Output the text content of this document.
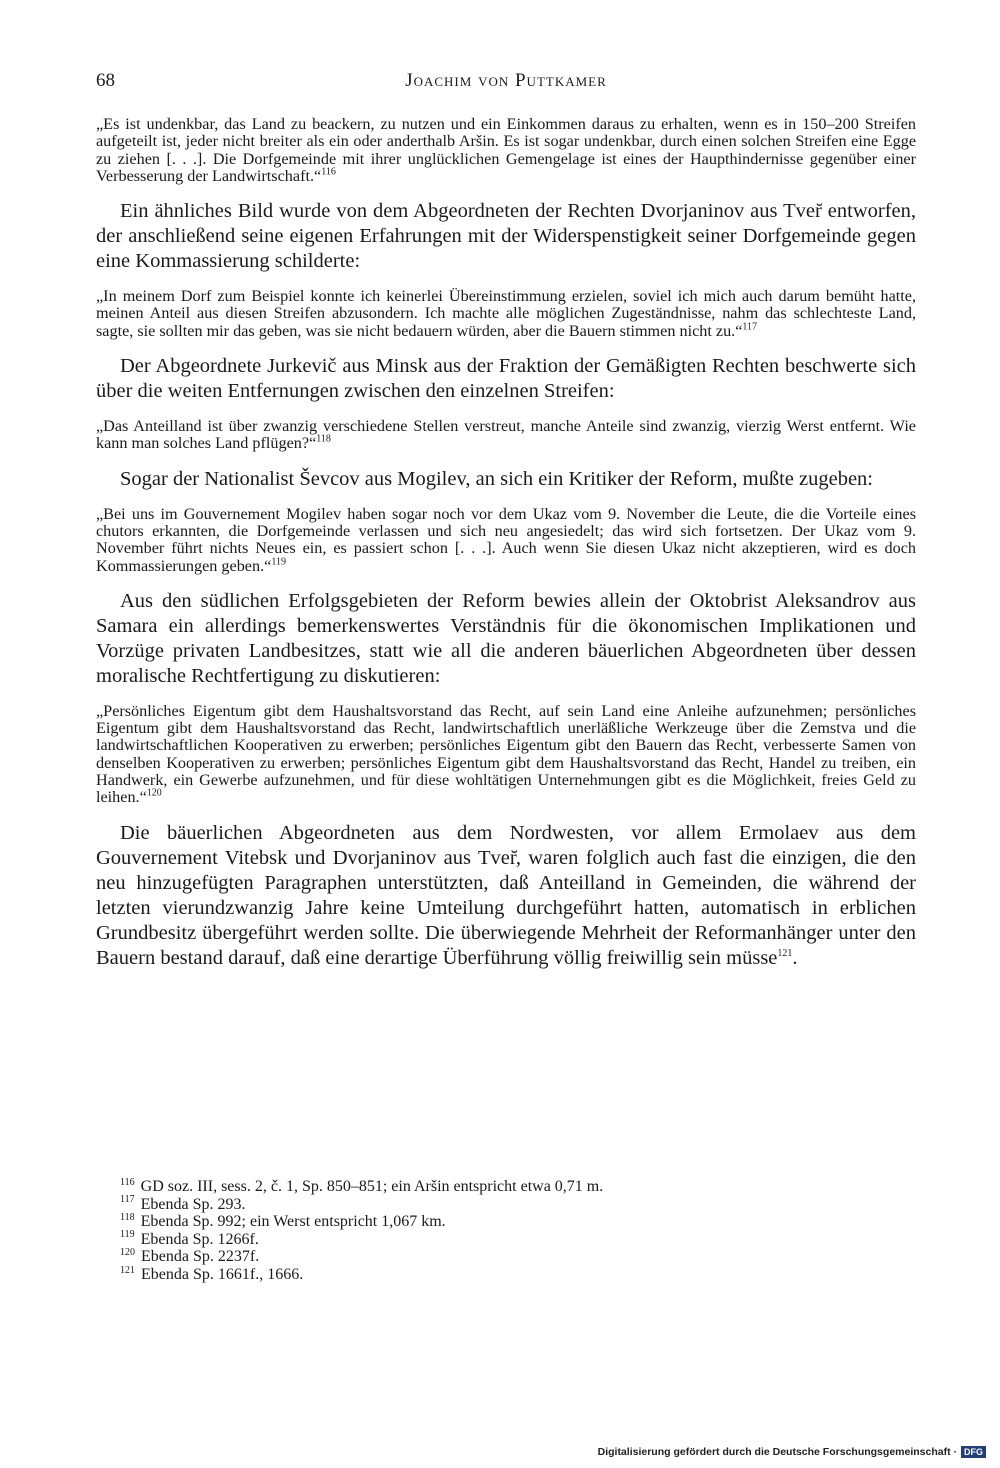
68	Joachim von Puttkamer

„Es ist undenkbar, das Land zu beackern, zu nutzen und ein Einkommen daraus zu erhalten, wenn es in 150–200 Streifen aufgeteilt ist, jeder nicht breiter als ein oder anderthalb Aršin. Es ist sogar undenkbar, durch einen solchen Streifen eine Egge zu ziehen [. . .]. Die Dorfgemeinde mit ihrer unglücklichen Gemengelage ist eines der Haupthindernisse gegenüber einer Verbesserung der Landwirtschaft.“$^{116}$

Ein ähnliches Bild wurde von dem Abgeordneten der Rechten Dvorjaninov aus Tver̆ entworfen, der anschließend seine eigenen Erfahrungen mit der Widerspenstigkeit seiner Dorfgemeinde gegen eine Kommassierung schilderte:

„In meinem Dorf zum Beispiel konnte ich keinerlei Übereinstimmung erzielen, soviel ich mich auch darum bemüht hatte, meinen Anteil aus diesen Streifen abzusondern. Ich machte alle möglichen Zugeständnisse, nahm das schlechteste Land, sagte, sie sollten mir das geben, was sie nicht bedauern würden, aber die Bauern stimmen nicht zu.“$^{117}$

Der Abgeordnete Jurkevič aus Minsk aus der Fraktion der Gemäßigten Rechten beschwerte sich über die weiten Entfernungen zwischen den einzelnen Streifen:

„Das Anteilland ist über zwanzig verschiedene Stellen verstreut, manche Anteile sind zwanzig, vierzig Werst entfernt. Wie kann man solches Land pflügen?“$^{118}$

Sogar der Nationalist Ševcov aus Mogilev, an sich ein Kritiker der Reform, mußte zugeben:

„Bei uns im Gouvernement Mogilev haben sogar noch vor dem Ukaz vom 9. November die Leute, die die Vorteile eines chutors erkannten, die Dorfgemeinde verlassen und sich neu angesiedelt; das wird sich fortsetzen. Der Ukaz vom 9. November führt nichts Neues ein, es passiert schon [. . .]. Auch wenn Sie diesen Ukaz nicht akzeptieren, wird es doch Kommassierungen geben.“$^{119}$

Aus den südlichen Erfolgsgebieten der Reform bewies allein der Oktobrist Aleksandrov aus Samara ein allerdings bemerkenswertes Verständnis für die ökonomischen Implikationen und Vorzüge privaten Landbesitzes, statt wie all die anderen bäuerlichen Abgeordneten über dessen moralische Rechtfertigung zu diskutieren:

„Persönliches Eigentum gibt dem Haushaltsvorstand das Recht, auf sein Land eine Anleihe aufzunehmen; persönliches Eigentum gibt dem Haushaltsvorstand das Recht, landwirtschaftlich unerläßliche Werkzeuge über die Zemstva und die landwirtschaftlichen Kooperativen zu erwerben; persönliches Eigentum gibt den Bauern das Recht, verbesserte Samen von denselben Kooperativen zu erwerben; persönliches Eigentum gibt dem Haushaltsvorstand das Recht, Handel zu treiben, ein Handwerk, ein Gewerbe aufzunehmen, und für diese wohltätigen Unternehmungen gibt es die Möglichkeit, freies Geld zu leihen.“$^{120}$

Die bäuerlichen Abgeordneten aus dem Nordwesten, vor allem Ermolaev aus dem Gouvernement Vitebsk und Dvorjaninov aus Tver̆, waren folglich auch fast die einzigen, die den neu hinzugefügten Paragraphen unterstützten, daß Anteilland in Gemeinden, die während der letzten vierundzwanzig Jahre keine Umteilung durchgeführt hatten, automatisch in erblichen Grundbesitz übergeführt werden sollte. Die überwiegende Mehrheit der Reformanhänger unter den Bauern bestand darauf, daß eine derartige Überführung völlig freiwillig sein müsse$^{121}$.

$^{116}$ GD soz. III, sess. 2, č. 1, Sp. 850–851; ein Aršin entspricht etwa 0,71 m.
$^{117}$ Ebenda Sp. 293.
$^{118}$ Ebenda Sp. 992; ein Werst entspricht 1,067 km.
$^{119}$ Ebenda Sp. 1266f.
$^{120}$ Ebenda Sp. 2237f.
$^{121}$ Ebenda Sp. 1661f., 1666.
Digitalisierung gefördert durch die Deutsche Forschungsgemeinschaft · DFG
